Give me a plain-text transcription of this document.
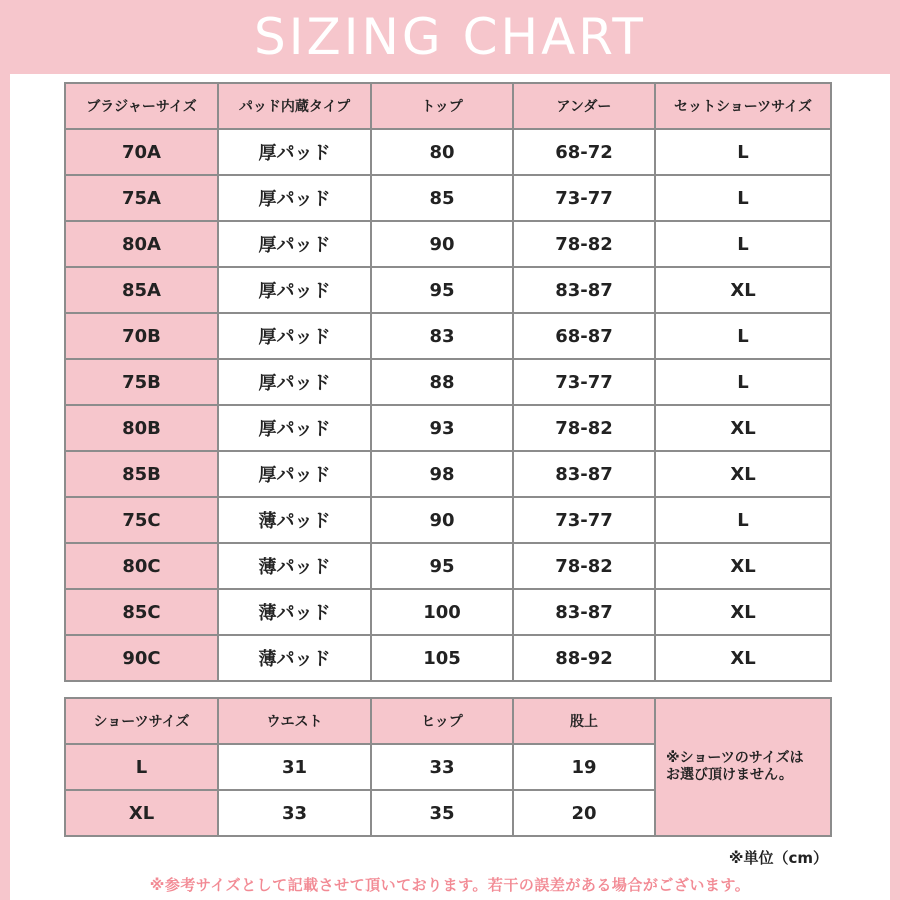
SIZING CHART
ブラジャーサイズ	パッド内蔵タイプ	トップ	アンダー	セットショーツサイズ
70A	厚パッド	80	68-72	L
75A	厚パッド	85	73-77	L
80A	厚パッド	90	78-82	L
85A	厚パッド	95	83-87	XL
70B	厚パッド	83	68-87	L
75B	厚パッド	88	73-77	L
80B	厚パッド	93	78-82	XL
85B	厚パッド	98	83-87	XL
75C	薄パッド	90	73-77	L
80C	薄パッド	95	78-82	XL
85C	薄パッド	100	83-87	XL
90C	薄パッド	105	88-92	XL
ショーツサイズ	ウエスト	ヒップ	股上	※ショーツのサイズは
お選び頂けません。
L	31	33	19	
XL	33	35	20	
※単位（cm）
※参考サイズとして記載させて頂いております。若干の誤差がある場合がございます。
